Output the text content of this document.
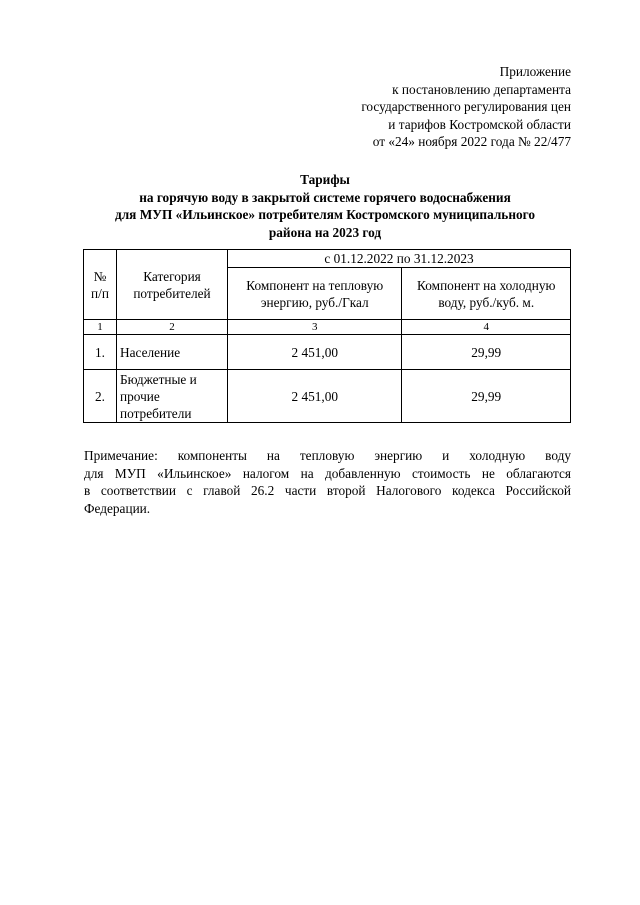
Приложение
к постановлению департамента
государственного регулирования цен
и тарифов Костромской области
от «24» ноября 2022 года № 22/477
Тарифы
на горячую воду в закрытой системе горячего водоснабжения
для МУП «Ильинское» потребителям Костромского муниципального
района на 2023 год
№ п/п	Категория потребителей	с 01.12.2022 по 31.12.2023	
		Компонент на тепловую энергию, руб./Гкал	Компонент на холодную воду, руб./куб. м.
1	2	3	4
1.	Население	2 451,00	29,99
2.	Бюджетные и прочие потребители	2 451,00	29,99
Примечание: компоненты на тепловую энергию и холодную воду
для МУП «Ильинское» налогом на добавленную стоимость не облагаются
в соответствии с главой 26.2 части второй Налогового кодекса Российской
Федерации.
